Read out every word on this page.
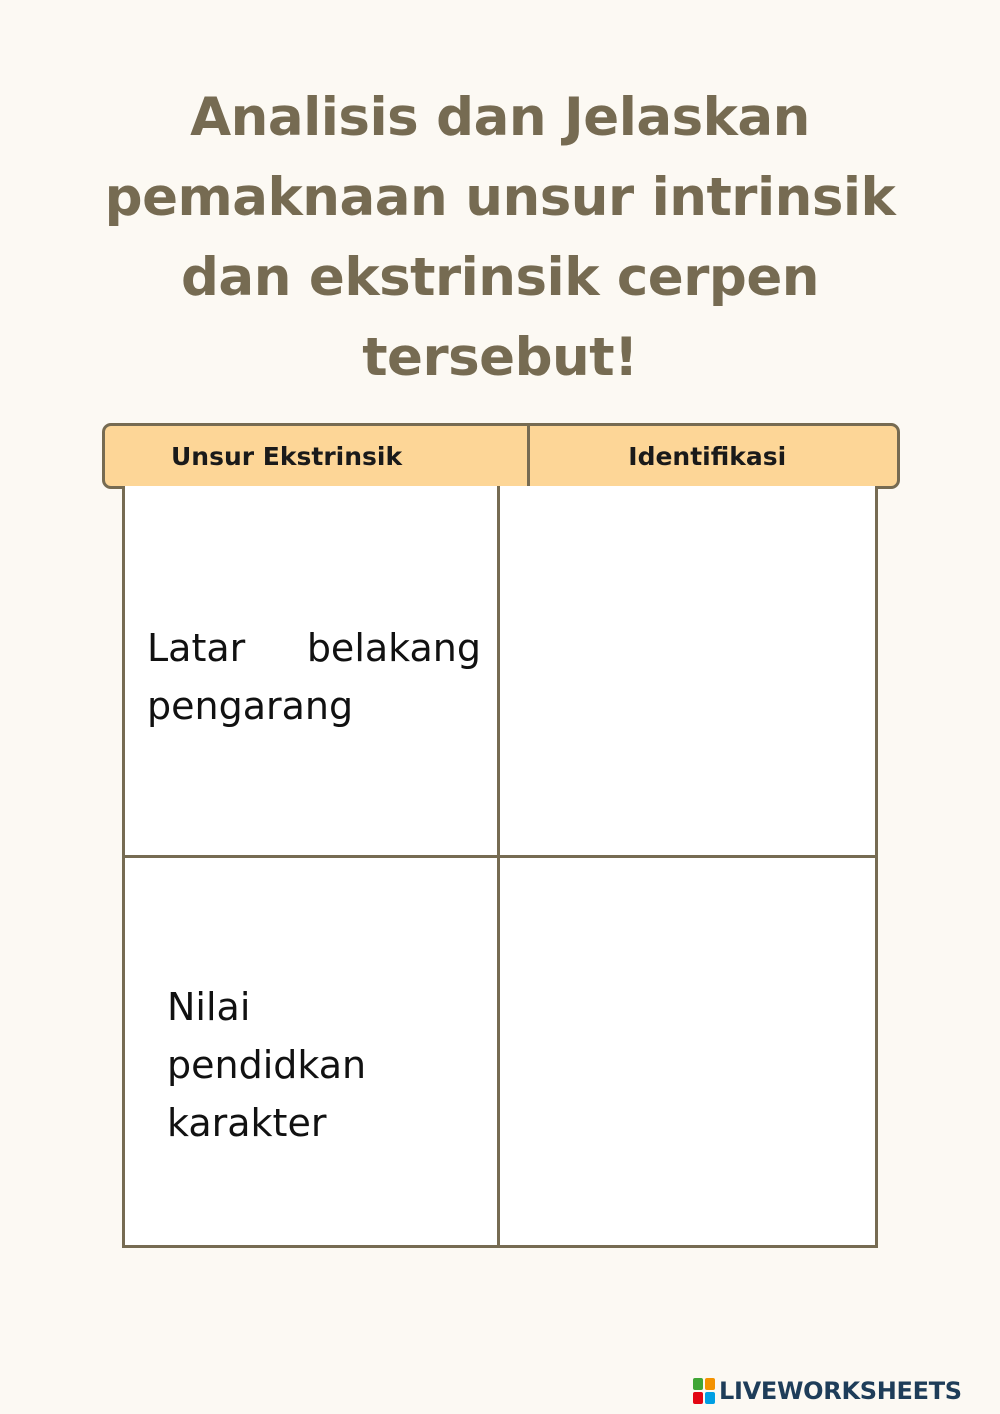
Analisis dan Jelaskan
pemaknaan unsur intrinsik
dan ekstrinsik cerpen
tersebut!
Unsur Ekstrinsik	Identifikasi
Latar belakang
pengarang
Nilai
pendidkan
karakter
LIVEWORKSHEETS
